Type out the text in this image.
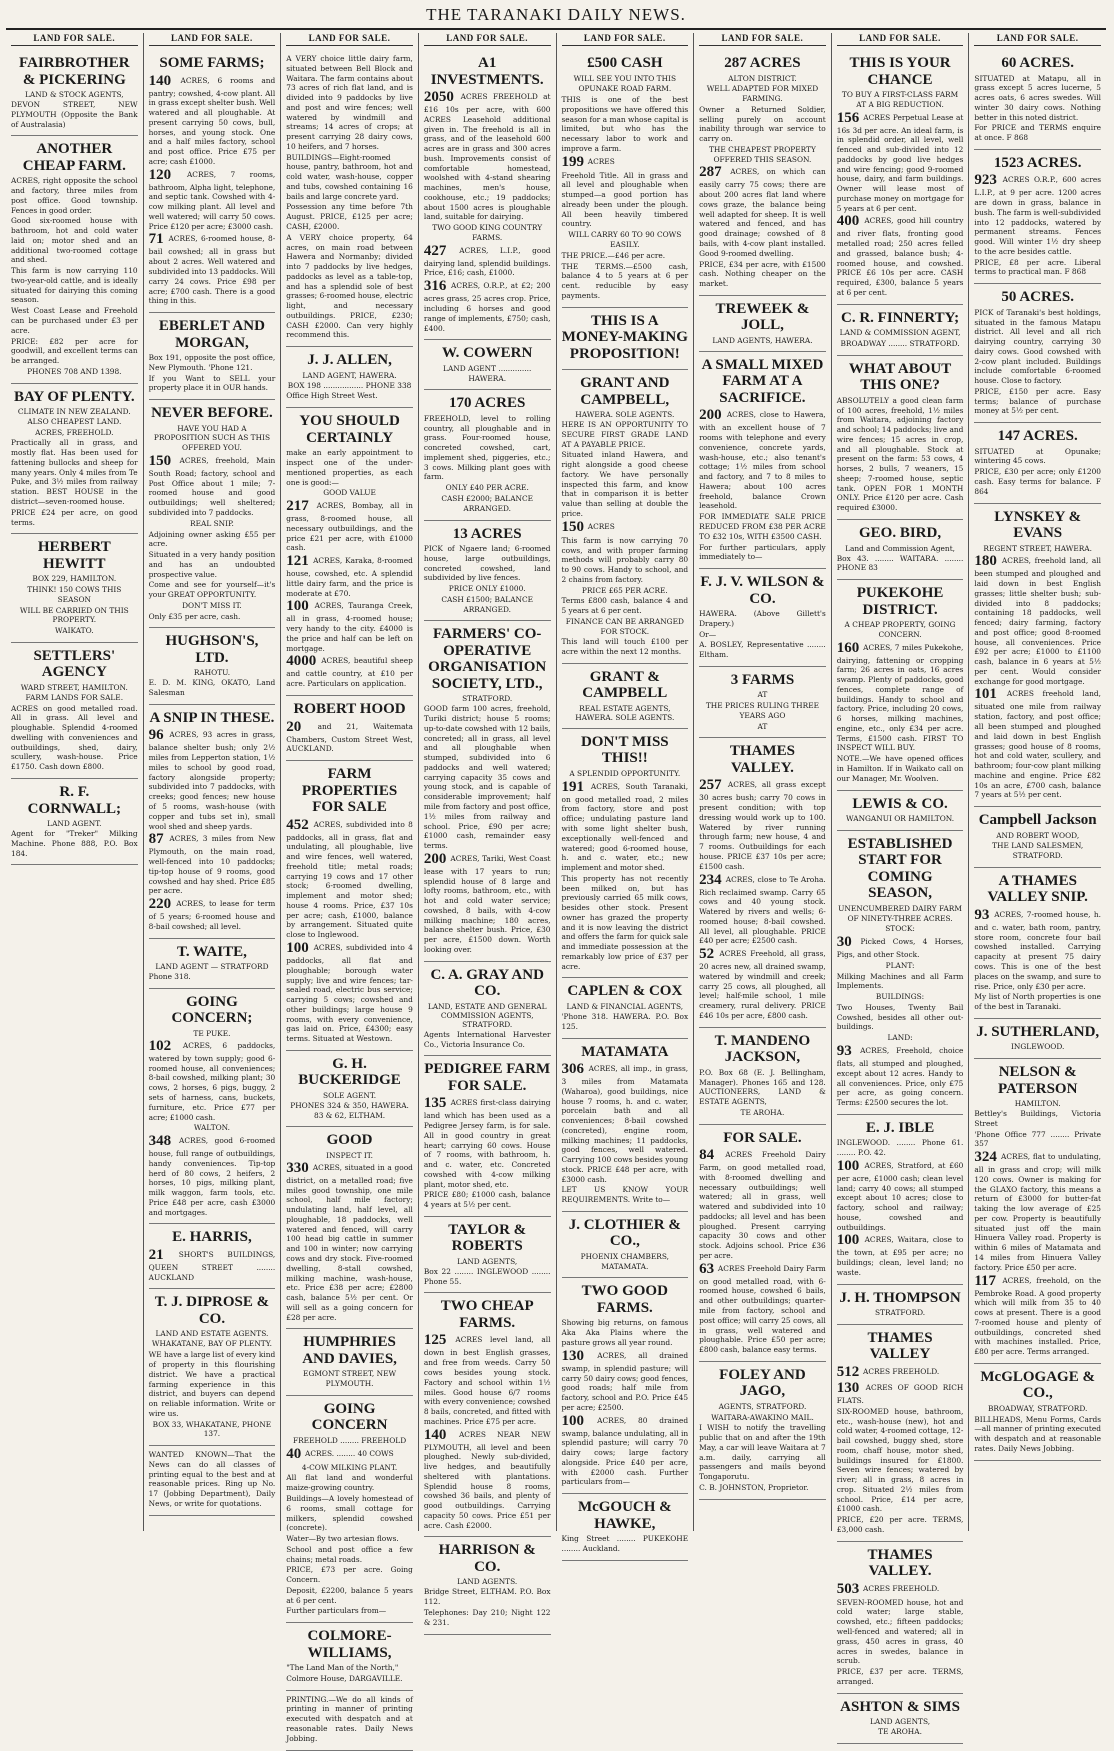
THE TARANAKI DAILY NEWS.
LAND FOR SALE.
FAIRBROTHER & PICKERING
LAND & STOCK AGENTS,

DEVON STREET, NEW PLYMOUTH (Opposite the Bank of Australasia)

ANOTHER CHEAP FARM.

ACRES, right opposite the school and factory, three miles from post office. Good township. Fences in good order.

Good six-roomed house with bathroom, hot and cold water laid on; motor shed and an additional two-roomed cottage and shed.

This farm is now carrying 110 two-year-old cattle, and is ideally situated for dairying this coming season.

West Coast Lease and Freehold can be purchased under £3 per acre.

PRICE: £82 per acre for goodwill, and excellent terms can be arranged.

PHONES 708 AND 1398.

BAY OF PLENTY.

CLIMATE IN NEW ZEALAND. ALSO CHEAPEST LAND.

ACRES, FREEHOLD.

Practically all in grass, and mostly flat. Has been used for fattening bullocks and sheep for many years. Only 4 miles from Te Puke, and 3½ miles from railway station. BEST HOUSE in the district—seven-roomed house.

PRICE £24 per acre, on good terms.

HERBERT HEWITT

BOX 229, HAMILTON.

THINK! 150 COWS THIS SEASON

WILL BE CARRIED ON THIS PROPERTY.

WAIKATO.

SETTLERS' AGENCY
WARD STREET, HAMILTON.

FARM LANDS FOR SALE.

ACRES on good metalled road. All in grass. All level and ploughable. Splendid 4-roomed dwelling with conveniences and outbuildings, shed, dairy, scullery, wash-house. Price £1750. Cash down £800.

R. F. CORNWALL;
LAND AGENT.

Agent for "Treker" Milking Machine. Phone 888, P.O. Box 184.

LAND FOR SALE.
SOME FARMS;

140 ACRES, 6 rooms and pantry; cowshed, 4-cow plant. All in grass except shelter bush. Well watered and all ploughable. At present carrying 50 cows, bull, horses, and young stock. One and a half miles factory, school and post office. Price £75 per acre; cash £1000.

120 ACRES, 7 rooms, bathroom, Alpha light, telephone, and septic tank. Cowshed with 4-cow milking plant. All level and well watered; will carry 50 cows. Price £120 per acre; £3000 cash.

71 ACRES, 6-roomed house, 8-bail cowshed; all in grass but about 2 acres. Well watered and subdivided into 13 paddocks. Will carry 24 cows. Price £98 per acre; £700 cash. There is a good thing in this.

EBERLET AND MORGAN,

Box 191, opposite the post office, New Plymouth. 'Phone 121.

If you Want to SELL your property place it in OUR hands.

NEVER BEFORE.

HAVE YOU HAD A PROPOSITION SUCH AS THIS OFFERED YOU.

150 ACRES, freehold, Main South Road; factory, school and Post Office about 1 mile; 7-roomed house and good outbuildings; well sheltered; subdivided into 7 paddocks.

REAL SNIP.

Adjoining owner asking £55 per acre.

Situated in a very handy position and has an undoubted prospective value.

Come and see for yourself—it's your GREAT OPPORTUNITY.

DON'T MISS IT.

Only £35 per acre, cash.

HUGHSON'S, LTD.
RAHOTU.

E. D. M. KING, OKATO, Land Salesman

A SNIP IN THESE.

96 ACRES, 93 acres in grass, balance shelter bush; only 2½ miles from Lepperton station, 1½ miles to school by good road, factory alongside property; subdivided into 7 paddocks, with creeks; good fences; new house of 5 rooms, wash-house (with copper and tubs set in), small wool shed and sheep yards.

87 ACRES, 3 miles from New Plymouth, on the main road, well-fenced into 10 paddocks; tip-top house of 9 rooms, good cowshed and hay shed. Price £85 per acre.

220 ACRES, to lease for term of 5 years; 6-roomed house and 8-bail cowshed; all level.

T. WAITE,
LAND AGENT — STRATFORD

Phone 318.

GOING CONCERN;
TE PUKE.

102 ACRES, 6 paddocks, watered by town supply; good 6-roomed house, all conveniences; 8-bail cowshed, milking plant; 30 cows, 2 horses, 6 pigs, buggy, 2 sets of harness, cans, buckets, furniture, etc. Price £77 per acre; £1000 cash.

WALTON.

348 ACRES, good 6-roomed house, full range of outbuildings, handy conveniences. Tip-top herd of 80 cows, 2 heifers, 2 horses, 10 pigs, milking plant, milk waggon, farm tools, etc. Price £48 per acre, cash £3000 and mortgages.

E. HARRIS,

21 SHORT'S BUILDINGS, QUEEN STREET ........ AUCKLAND

T. J. DIPROSE & CO.
LAND AND ESTATE AGENTS.

WHAKATANE, BAY OF PLENTY.

WE have a large list of every kind of property in this flourishing district. We have a practical farming experience in this district, and buyers can depend on reliable information. Write or wire us.

BOX 33, WHAKATANE, PHONE 137.

WANTED KNOWN—That the News can do all classes of printing equal to the best and at reasonable prices. Ring up No. 17 (Jobbing Department), Daily News, or write for quotations.

LAND FOR SALE.

A VERY choice little dairy farm, situated between Bell Block and Waitara. The farm contains about 73 acres of rich flat land, and is divided into 9 paddocks by live and post and wire fences; well watered by windmill and streams; 14 acres of crops; at present carrying 28 dairy cows, 10 heifers, and 7 horses.

BUILDINGS—Eight-roomed house, pantry, bathroom, hot and cold water, wash-house, copper and tubs, cowshed containing 16 bails and large concrete yard.

Possession any time before 7th August. PRICE, £125 per acre; CASH, £2000.

A VERY choice property, 64 acres, on main road between Hawera and Normanby; divided into 7 paddocks by live hedges, paddocks as level as a table-top, and has a splendid sole of best grasses; 6-roomed house, electric light, and necessary outbuildings. PRICE, £230; CASH £2000. Can very highly recommend this.

J. J. ALLEN,
LAND AGENT, HAWERA.

BOX 198 ................. PHONE 338

Office High Street West.

YOU SHOULD CERTAINLY

make an early appointment to inspect one of the under-mentioned properties, as each one is good:—

GOOD VALUE

217 ACRES, Bombay, all in grass, 8-roomed house, all necessary outbuildings, and the price £21 per acre, with £1000 cash.

121 ACRES, Karaka, 8-roomed house, cowshed, etc. A splendid little dairy farm, and the price is moderate at £70.

100 ACRES, Tauranga Creek, all in grass, 4-roomed house; very handy to the city. £4000 is the price and half can be left on mortgage.

4000 ACRES, beautiful sheep and cattle country, at £10 per acre. Particulars on application.

ROBERT HOOD

20 and 21, Waitemata Chambers, Custom Street West, AUCKLAND.

FARM PROPERTIES FOR SALE

452 ACRES, subdivided into 8 paddocks, all in grass, flat and undulating, all ploughable, live and wire fences, well watered, freehold title; metal roads; carrying 19 cows and 17 other stock; 6-roomed dwelling, implement and motor shed; house 4 rooms. Price, £37 10s per acre; cash, £1000, balance by arrangement. Situated quite close to Inglewood.

100 ACRES, subdivided into 4 paddocks, all flat and ploughable; borough water supply; live and wire fences; tar-sealed road, electric bus service; carrying 5 cows; cowshed and other buildings; large house 9 rooms, with every convenience, gas laid on. Price, £4300; easy terms. Situated at Westown.

G. H. BUCKERIDGE
SOLE AGENT.

PHONES 324 & 350, HAWERA. 83 & 62, ELTHAM.

GOOD
INSPECT IT.

330 ACRES, situated in a good district, on a metalled road; five miles good township, one mile school, half mile factory; undulating land, half level, all ploughable, 18 paddocks, well watered and fenced, will carry 100 head big cattle in summer and 100 in winter; now carrying cows and dry stock. Five-roomed dwelling, 8-stall cowshed, milking machine, wash-house, etc. Price £38 per acre; £2800 cash, balance 5½ per cent. Or will sell as a going concern for £28 per acre.

HUMPHRIES AND DAVIES,

EGMONT STREET, NEW PLYMOUTH.

GOING CONCERN

FREEHOLD ........ FREEHOLD

40 ACRES. ........ 40 COWS

4-COW MILKING PLANT.

All flat land and wonderful maize-growing country.

Buildings—A lovely homestead of 6 rooms, small cottage for milkers, splendid cowshed (concrete).

Water—By two artesian flows.

School and post office a few chains; metal roads.

PRICE, £73 per acre. Going Concern.

Deposit, £2200, balance 5 years at 6 per cent.

Further particulars from—

COLMORE-WILLIAMS,

"The Land Man of the North,"

Colmore House, DARGAVILLE.

PRINTING.—We do all kinds of printing in manner of printing executed with despatch and at reasonable rates. Daily News Jobbing.

LAND FOR SALE.
A1 INVESTMENTS.

2050 ACRES FREEHOLD at £16 10s per acre, with 600 ACRES Leasehold additional given in. The freehold is all in grass, and of the leasehold 600 acres are in grass and 300 acres bush. Improvements consist of comfortable homestead, woolshed with 4-stand shearing machines, men's house, cookhouse, etc.; 19 paddocks; about 1500 acres is ploughable land, suitable for dairying.

TWO GOOD KING COUNTRY FARMS.

427 ACRES, L.I.P., good dairying land, splendid buildings. Price, £16; cash, £1000.

316 ACRES, O.R.P., at £2; 200 acres grass, 25 acres crop. Price, including 6 horses and good range of implements, £750; cash, £400.

W. COWERN

LAND AGENT .............. HAWERA.

170 ACRES

FREEHOLD, level to rolling country, all ploughable and in grass. Four-roomed house, concreted cowshed, cart, implement shed, piggeries, etc.; 3 cows. Milking plant goes with farm.

ONLY £40 PER ACRE.

CASH £2000; BALANCE ARRANGED.

13 ACRES

PICK of Ngaere land; 6-roomed house, large outbuildings, concreted cowshed, land subdivided by live fences.

PRICE ONLY £1000.

CASH £1500; BALANCE ARRANGED.

FARMERS' CO-OPERATIVE ORGANISATION SOCIETY, LTD.,
STRATFORD.

GOOD farm 100 acres, freehold, Turiki district; house 5 rooms; up-to-date cowshed with 12 bails, concreted; all in grass, all level and all ploughable when stumped, subdivided into 6 paddocks and well watered; carrying capacity 35 cows and young stock, and is capable of considerable improvement; half mile from factory and post office, 1½ miles from railway and school. Price, £90 per acre; £1000 cash, remainder easy terms.

200 ACRES, Tariki, West Coast lease with 17 years to run; splendid house of 8 large and lofty rooms, bathroom, etc., with hot and cold water service; cowshed, 8 bails, with 4-cow milking machine; 180 acres, balance shelter bush. Price, £30 per acre, £1500 down. Worth looking over.

C. A. GRAY AND CO.
LAND, ESTATE AND GENERAL COMMISSION AGENTS, STRATFORD.

Agents International Harvester Co., Victoria Insurance Co.

PEDIGREE FARM FOR SALE.

135 ACRES first-class dairying land which has been used as a Pedigree Jersey farm, is for sale. All in good country in great heart; carrying 60 cows. House of 7 rooms, with bathroom, h. and c. water, etc. Concreted cowshed with 4-cow milking plant, motor shed, etc.

PRICE £80; £1000 cash, balance 4 years at 5½ per cent.

TAYLOR & ROBERTS
LAND AGENTS,

Box 22 ........ INGLEWOOD ........ Phone 55.

TWO CHEAP FARMS.

125 ACRES level land, all down in best English grasses, and free from weeds. Carry 50 cows besides young stock. Factory and school within 1½ miles. Good house 6/7 rooms with every convenience; cowshed 8 bails, concreted, and fitted with machines. Price £75 per acre.

140 ACRES NEAR NEW PLYMOUTH, all level and been ploughed. Newly sub-divided, live hedges, and beautifully sheltered with plantations. Splendid house 8 rooms, cowshed 36 bails, and plenty of good outbuildings. Carrying capacity 50 cows. Price £51 per acre. Cash £2000.

HARRISON & CO.
LAND AGENTS.

Bridge Street, ELTHAM. P.O. Box 112.

Telephones: Day 210; Night 122 & 231.

LAND FOR SALE.
£500 CASH

WILL SEE YOU INTO THIS

OPUNAKE ROAD FARM.

THIS is one of the best propositions we have offered this season for a man whose capital is limited, but who has the necessary labor to work and improve a farm.

199 ACRES

Freehold Title. All in grass and all level and ploughable when stumped—a good portion has already been under the plough. All been heavily timbered country.

WILL CARRY 60 TO 90 COWS EASILY.

THE PRICE.—£46 per acre.

THE TERMS.—£500 cash, balance 4 to 5 years at 6 per cent. reducible by easy payments.

THIS IS A MONEY-MAKING PROPOSITION!
GRANT AND CAMPBELL,
HAWERA. SOLE AGENTS.

HERE IS AN OPPORTUNITY TO SECURE FIRST GRADE LAND AT A PAYABLE PRICE.

Situated inland Hawera, and right alongside a good cheese factory. We have personally inspected this farm, and know that in comparison it is better value than selling at double the price.

150 ACRES

This farm is now carrying 70 cows, and with proper farming methods will probably carry 80 to 90 cows. Handy to school, and 2 chains from factory.

PRICE £65 PER ACRE.

Terms £800 cash, balance 4 and 5 years at 6 per cent.

FINANCE CAN BE ARRANGED FOR STOCK.

This land will touch £100 per acre within the next 12 months.

GRANT & CAMPBELL
REAL ESTATE AGENTS, HAWERA. SOLE AGENTS.
DON'T MISS THIS!!

A SPLENDID OPPORTUNITY.

191 ACRES, South Taranaki, on good metalled road, 2 miles from factory, store and post office; undulating pasture land with some light shelter bush, exceptionally well-fenced and watered; good 6-roomed house, h. and c. water, etc.; new implement and motor shed.

This property has not recently been milked on, but has previously carried 65 milk cows, besides other stock. Present owner has grazed the property and it is now leaving the district and offers the farm for quick sale and immediate possession at the remarkably low price of £37 per acre.

CAPLEN & COX
LAND & FINANCIAL AGENTS,

'Phone 318. HAWERA. P.O. Box 125.

MATAMATA

306 ACRES, all imp., in grass, 3 miles from Matamata (Waharoa), good buildings, nice house 7 rooms, h. and c. water, porcelain bath and all conveniences; 8-bail cowshed (concreted), engine room, milking machines; 11 paddocks, good fences, well watered. Carrying 100 cows besides young stock. PRICE £48 per acre, with £3000 cash.

LET US KNOW YOUR REQUIREMENTS. Write to—

J. CLOTHIER & CO.,

PHOENIX CHAMBERS, MATAMATA.

TWO GOOD FARMS.

Showing big returns, on famous Aka Aka Plains where the pasture grows all year round.

130 ACRES, all drained swamp, in splendid pasture; will carry 50 dairy cows; good fences, good roads; half mile from factory, school and P.O. Price £45 per acre; £2500.

100 ACRES, 80 drained swamp, balance undulating, all in splendid pasture; will carry 70 dairy cows; large factory alongside. Price £40 per acre, with £2000 cash. Further particulars from—

McGOUCH & HAWKE,

King Street ........ PUKEKOHE ........ Auckland.

LAND FOR SALE.
287 ACRES

ALTON DISTRICT.

WELL ADAPTED FOR MIXED FARMING.

Owner a Returned Soldier, selling purely on account inability through war service to carry on.

THE CHEAPEST PROPERTY OFFERED THIS SEASON.

287 ACRES, on which can easily carry 75 cows; there are about 200 acres flat land where cows graze, the balance being well adapted for sheep. It is well watered and fenced, and has good drainage; cowshed of 8 bails, with 4-cow plant installed. Good 9-roomed dwelling.

PRICE, £34 per acre, with £1500 cash. Nothing cheaper on the market.

TREWEEK & JOLL,
LAND AGENTS, HAWERA.
A SMALL MIXED FARM AT A SACRIFICE.

200 ACRES, close to Hawera, with an excellent house of 7 rooms with telephone and every convenience, concrete yards, wash-house, etc.; also tenant's cottage; 1½ miles from school and factory, and 7 to 8 miles to Hawera; about 100 acres freehold, balance Crown leasehold.

FOR IMMEDIATE SALE PRICE REDUCED FROM £38 PER ACRE TO £32 10s, WITH £3500 CASH.

For further particulars, apply immediately to—

F. J. V. WILSON & CO.

HAWERA. (Above Gillett's Drapery.)

Or—

A. BOSLEY, Representative ........ Eltham.

3 FARMS

AT

THE PRICES RULING THREE YEARS AGO

AT

THAMES VALLEY.

257 ACRES, all grass except 30 acres bush; carry 70 cows in present condition; with top dressing would work up to 100. Watered by river running through farm; new house, 4 and 7 rooms. Outbuildings for each house. PRICE £37 10s per acre; £1500 cash.

234 ACRES, close to Te Aroha. Rich reclaimed swamp. Carry 65 cows and 40 young stock. Watered by rivers and wells; 6-roomed house; 8-bail cowshed. All level, all ploughable. PRICE £40 per acre; £2500 cash.

52 ACRES Freehold, all grass, 20 acres new, all drained swamp, watered by windmill and creek; carry 25 cows, all ploughed, all level; half-mile school, 1 mile creamery, rural delivery. PRICE £46 10s per acre, £800 cash.

T. MANDENO JACKSON,

P.O. Box 68 (E. J. Bellingham, Manager). Phones 165 and 128. AUCTIONEERS, LAND & ESTATE AGENTS,

TE AROHA.

FOR SALE.

84 ACRES Freehold Dairy Farm, on good metalled road, with 8-roomed dwelling and necessary outbuildings; well watered; all in grass, well watered and subdivided into 10 paddocks; all level and has been ploughed. Present carrying capacity 30 cows and other stock. Adjoins school. Price £36 per acre.

63 ACRES Freehold Dairy Farm on good metalled road, with 6-roomed house, cowshed 6 bails, and other outbuildings; quarter-mile from factory, school and post office; will carry 25 cows, all in grass, well watered and ploughable. Price £50 per acre; £800 cash, balance easy terms.

FOLEY AND JAGO,

AGENTS, STRATFORD.

WAITARA-AWAKINO MAIL.

I WISH to notify the travelling public that on and after the 19th May, a car will leave Waitara at 7 a.m. daily, carrying all passengers and mails beyond Tongaporutu.

C. B. JOHNSTON, Proprietor.

LAND FOR SALE.
THIS IS YOUR CHANCE

TO BUY A FIRST-CLASS FARM AT A BIG REDUCTION.

156 ACRES Perpetual Lease at 16s 3d per acre. An ideal farm, is in splendid order, all level, well fenced and sub-divided into 12 paddocks by good live hedges and wire fencing; good 9-roomed house, dairy, and farm buildings. Owner will lease most of purchase money on mortgage for 5 years at 6 per cent.

400 ACRES, good hill country and river flats, fronting good metalled road; 250 acres felled and grassed, balance bush; 4-roomed house, and cowshed. PRICE £6 10s per acre. CASH required, £300, balance 5 years at 6 per cent.

C. R. FINNERTY;

LAND & COMMISSION AGENT,

BROADWAY ........ STRATFORD.

WHAT ABOUT THIS ONE?

ABSOLUTELY a good clean farm of 100 acres, freehold, 1½ miles from Waitara, adjoining factory and school; 14 paddocks; live and wire fences; 15 acres in crop, and all ploughable. Stock at present on the farm: 53 cows, 4 horses, 2 bulls, 7 weaners, 15 sheep; 7-roomed house, septic tank. OPEN FOR 1 MONTH ONLY. Price £120 per acre. Cash required £3000.

GEO. BIRD,
Land and Commission Agent,

Box 43. ........ WAITARA. ........ PHONE 83

PUKEKOHE DISTRICT.

A CHEAP PROPERTY, GOING CONCERN.

160 ACRES, 7 miles Pukekohe, dairying, fattening or cropping farm; 26 acres in oats, 16 acres swamp. Plenty of paddocks, good fences, complete range of buildings. Handy to school and factory. Price, including 20 cows, 6 horses, milking machines, engine, etc., only £34 per acre. Terms, £1500 cash. FIRST TO INSPECT WILL BUY.

NOTE.—We have opened offices in Hamilton. If in Waikato call on our Manager, Mr. Woolven.

LEWIS & CO.

WANGANUI OR HAMILTON.

ESTABLISHED START FOR COMING SEASON,

UNENCUMBERED DAIRY FARM OF NINETY-THREE ACRES.

STOCK:

30 Picked Cows, 4 Horses, Pigs, and other Stock.

PLANT:

Milking Machines and all Farm Implements.

BUILDINGS:

Two Houses, Twenty Bail Cowshed, besides all other out-buildings.

LAND:

93 ACRES, Freehold, choice flats, all stumped and ploughed, except about 12 acres. Handy to all conveniences. Price, only £75 per acre, as going concern. Terms: £2500 secures the lot.

E. J. IBLE

INGLEWOOD. ........ Phone 61. ........ P.O. 42.

100 ACRES, Stratford, at £60 per acre, £1000 cash; clean level land; carry 40 cows; all stumped except about 10 acres; close to factory, school and railway; house, cowshed and outbuildings.

100 ACRES, Waitara, close to the town, at £95 per acre; no buildings; clean, level land; no waste.

J. H. THOMPSON

STRATFORD.

THAMES VALLEY

512 ACRES FREEHOLD.

130 ACRES OF GOOD RICH FLATS.

SIX-ROOMED house, bathroom, etc., wash-house (new), hot and cold water, 4-roomed cottage, 12-bail cowshed, buggy shed, store room, chaff house, motor shed, buildings insured for £1800. Seven wire fences; watered by river; all in grass, 8 acres in crop. Situated 2½ miles from school. Price, £14 per acre, £1000 cash.

PRICE, £20 per acre. TERMS, £3,000 cash.

THAMES VALLEY.

503 ACRES FREEHOLD.

SEVEN-ROOMED house, hot and cold water; large stable, cowshed, etc.; fifteen paddocks; well-fenced and watered; all in grass, 450 acres in grass, 40 acres in swedes, balance in scrub.

PRICE, £37 per acre. TERMS, arranged.

ASHTON & SIMS
LAND AGENTS,

TE AROHA.

LAND FOR SALE.
60 ACRES.

SITUATED at Matapu, all in grass except 5 acres lucerne, 5 acres oats, 6 acres swedes. Will winter 30 dairy cows. Nothing better in this noted district.

For PRICE and TERMS enquire at once. F 868

1523 ACRES.

923 ACRES O.R.P., 600 acres L.I.P., at 9 per acre. 1200 acres are down in grass, balance in bush. The farm is well-subdivided into 12 paddocks, watered by permanent streams. Fences good. Will winter 1½ dry sheep to the acre besides cattle.

PRICE, £8 per acre. Liberal terms to practical man. F 868

50 ACRES.

PICK of Taranaki's best holdings, situated in the famous Matapu district. All level and all rich dairying country, carrying 30 dairy cows. Good cowshed with 2-cow plant included. Buildings include comfortable 6-roomed house. Close to factory.

PRICE, £150 per acre. Easy terms; balance of purchase money at 5½ per cent.

147 ACRES.

SITUATED at Opunake; wintering 45 cows.

PRICE, £30 per acre; only £1200 cash. Easy terms for balance. F 864

LYNSKEY & EVANS

REGENT STREET, HAWERA.

180 ACRES, freehold land, all been stumped and ploughed and laid down in best English grasses; little shelter bush; sub-divided into 8 paddocks; containing 18 paddocks, well fenced; dairy farming, factory and post office; good 8-roomed house, all conveniences. Price £92 per acre; £1000 to £1100 cash, balance in 6 years at 5½ per cent. Would consider exchange for good mortgage.

101 ACRES freehold land, situated one mile from railway station, factory, and post office; all been stumped and ploughed and laid down in best English grasses; good house of 8 rooms, hot and cold water, scullery, and bathroom; four-cow plant milking machine and engine. Price £82 10s an acre, £700 cash, balance 7 years at 5½ per cent.

Campbell Jackson

AND ROBERT WOOD,

THE LAND SALESMEN, STRATFORD.

A THAMES VALLEY SNIP.

93 ACRES, 7-roomed house, h. and c. water, bath room, pantry, store room, concrete four bail cowshed installed. Carrying capacity at present 75 dairy cows. This is one of the best places on the swamp, and sure to rise. Price, only £30 per acre.

My list of North properties is one of the best in Taranaki.

J. SUTHERLAND,

INGLEWOOD.

NELSON & PATERSON
HAMILTON.

Bettley's Buildings, Victoria Street

'Phone Office 777 ........ Private 357

324 ACRES, flat to undulating, all in grass and crop; will milk 120 cows. Owner is making for the GLAXO factory, this means a return of £3000 for butter-fat taking the low average of £25 per cow. Property is beautifully situated just off the main Hinuera Valley road. Property is within 6 miles of Matamata and 14 miles from Hinuera Valley factory. Price £50 per acre.

117 ACRES, freehold, on the Pembroke Road. A good property which will milk from 35 to 40 cows at present. There is a good 7-roomed house and plenty of outbuildings, concreted shed with machines installed. Price, £80 per acre. Terms arranged.

McGLOGAGE & CO.,

BROADWAY, STRATFORD.

BILLHEADS, Menu Forms, Cards—all manner of printing executed with despatch and at reasonable rates. Daily News Jobbing.
